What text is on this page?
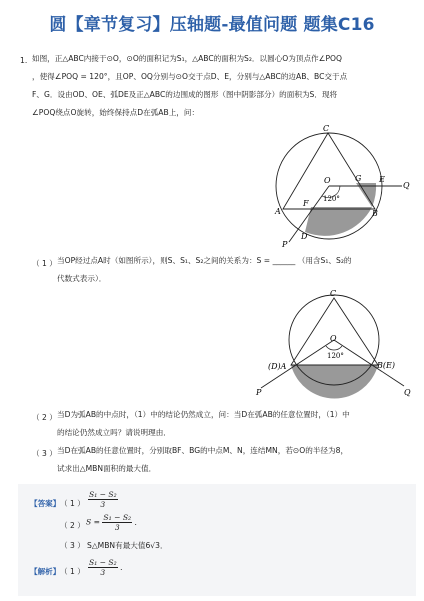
圆【章节复习】压轴题-最值问题 题集C16
1. 如图，正△ABC内接于⊙O，⊙O的面积记为S₁，△ABC的面积为S₂．以圆心O为顶点作∠POQ
，使得∠POQ = 120°，且OP、OQ分别与⊙O交于点D、E，分别与△ABC的边AB、BC交于点
F、G．设由OD、OE、弧DE及正△ABC的边围成的图形（图中阴影部分）的面积为S．现将
∠POQ绕点O旋转，始终保持点D在弧AB上，问：
C
O	G E
Q
A
F
B
D
P
120°
（ 1 ） 当OP经过点A时（如图所示），则S、S₁、S₂之间的关系为：S = ______ （用含S₁、S₂的
代数式表示）．
C
O
(D)A	B(E)
P	Q
120°
（ 2 ） 当D为弧AB的中点时，（1）中的结论仍然成立，问：当D在弧AB的任意位置时，（1）中
的结论仍然成立吗？请说明理由．
（ 3 ） 当D在弧AB的任意位置时，分别取BF、BG的中点M、N，连结MN，若⊙O的半径为8，
试求出△MBN面积的最大值．
【答案】 （ 1 ） $\frac{\text{S₁ − S₂}}{3}$
（ 2 ） $S = \frac{\text{S₁ − S₂}}{3}$ ．
（ 3 ） S△MBN有最大值6√3．
【解析】 （ 1 ） $\frac{\text{S₁ − S₂}}{3}$ ．
